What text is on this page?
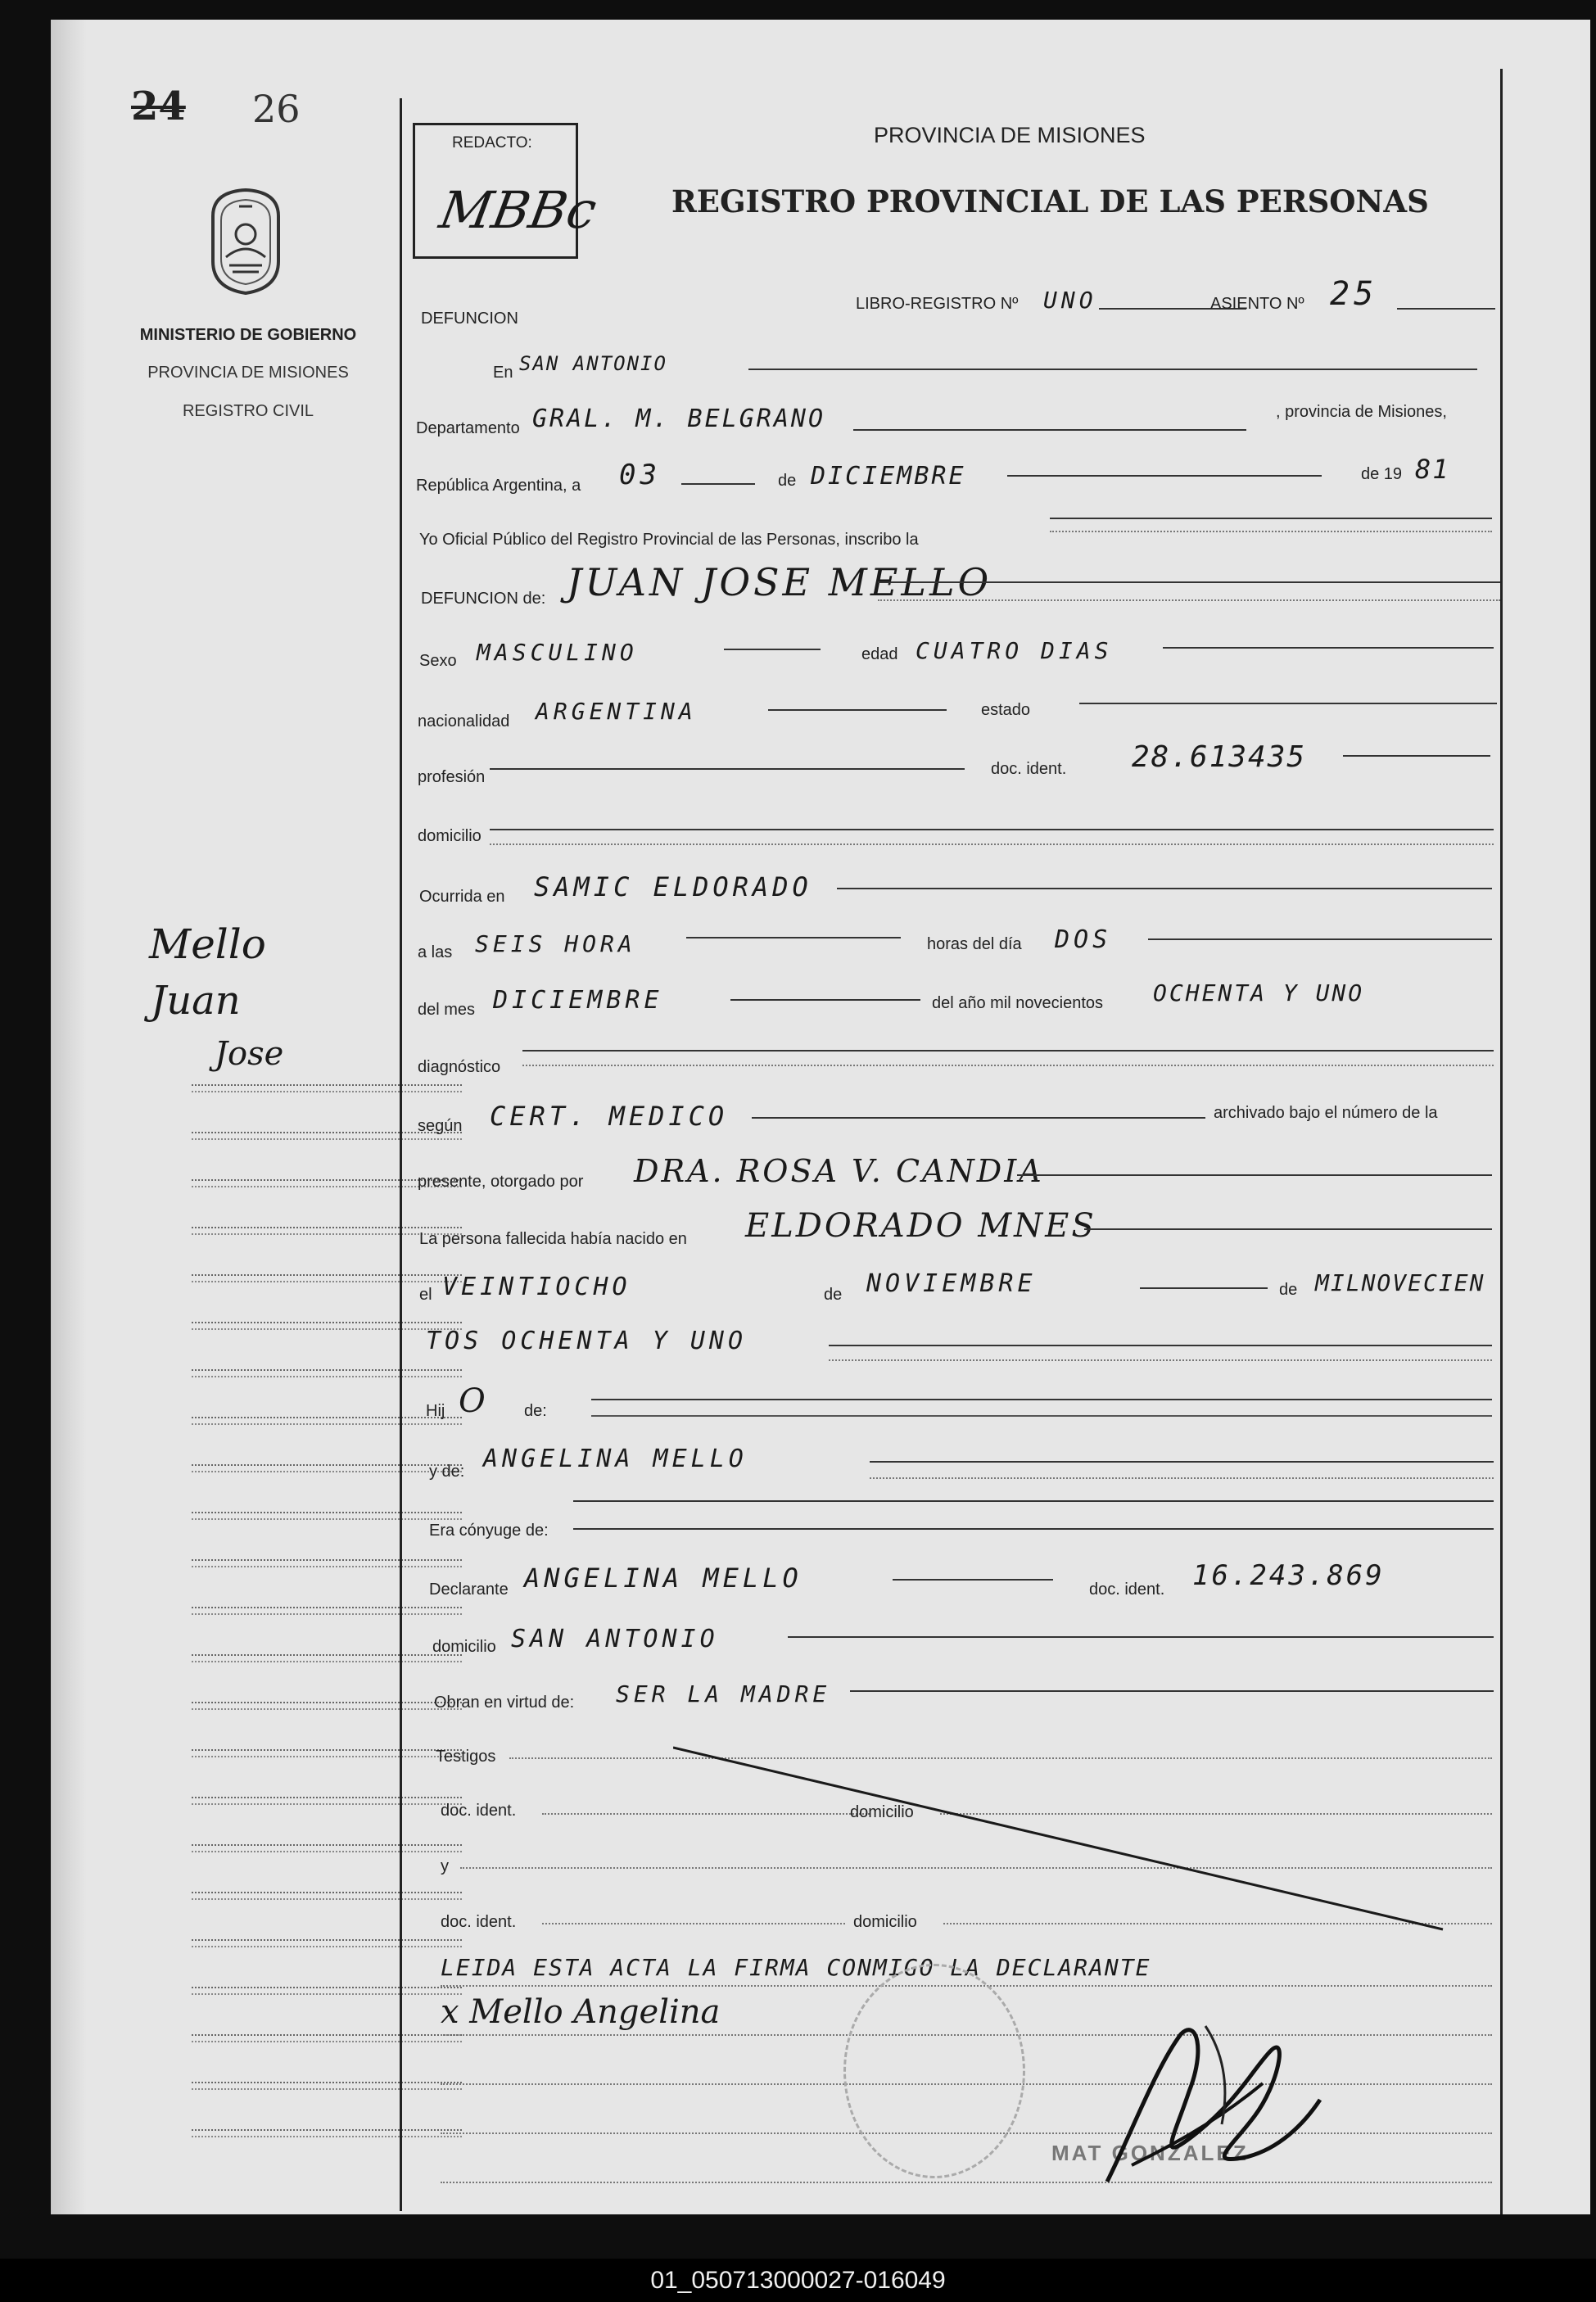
24 26
MINISTERIO DE GOBIERNO
PROVINCIA DE MISIONES
REGISTRO CIVIL
Mello
Juan
Jose
REDACTO:
MBBc
PROVINCIA DE MISIONES
REGISTRO PROVINCIAL DE LAS PERSONAS
DEFUNCION
LIBRO-REGISTRO Nº UNO	ASIENTO Nº 25
En SAN ANTONIO
Departamento GRAL. M. BELGRANO	, provincia de Misiones,
República Argentina, a 03	de DICIEMBRE	de 19 81
Yo Oficial Público del Registro Provincial de las Personas, inscribo la
DEFUNCION de: JUAN JOSE MELLO
Sexo MASCULINO	edad CUATRO DIAS
nacionalidad ARGENTINA	estado
profesión	doc. ident. 28.613435
domicilio
Ocurrida en SAMIC ELDORADO
a las SEIS HORA	horas del día DOS
del mes DICIEMBRE	del año mil novecientos OCHENTA Y UNO
diagnóstico
según CERT. MEDICO	archivado bajo el número de la
presente, otorgado por DRA. ROSA V. CANDIA
La persona fallecida había nacido en ELDORADO MNES
el VEINTIOCHO	de NOVIEMBRE	de MILNOVECIEN
TOS OCHENTA Y UNO
Hij O de:
y de: ANGELINA MELLO
Era cónyuge de:
Declarante ANGELINA MELLO	doc. ident. 16.243.869
domicilio SAN ANTONIO
Obran en virtud de: SER LA MADRE
Testigos
doc. ident.	domicilio
y
doc. ident.	domicilio
LEIDA ESTA ACTA LA FIRMA CONMIGO LA DECLARANTE
x Mello Angelina
MAT GONZALEZ
01_050713000027-016049
